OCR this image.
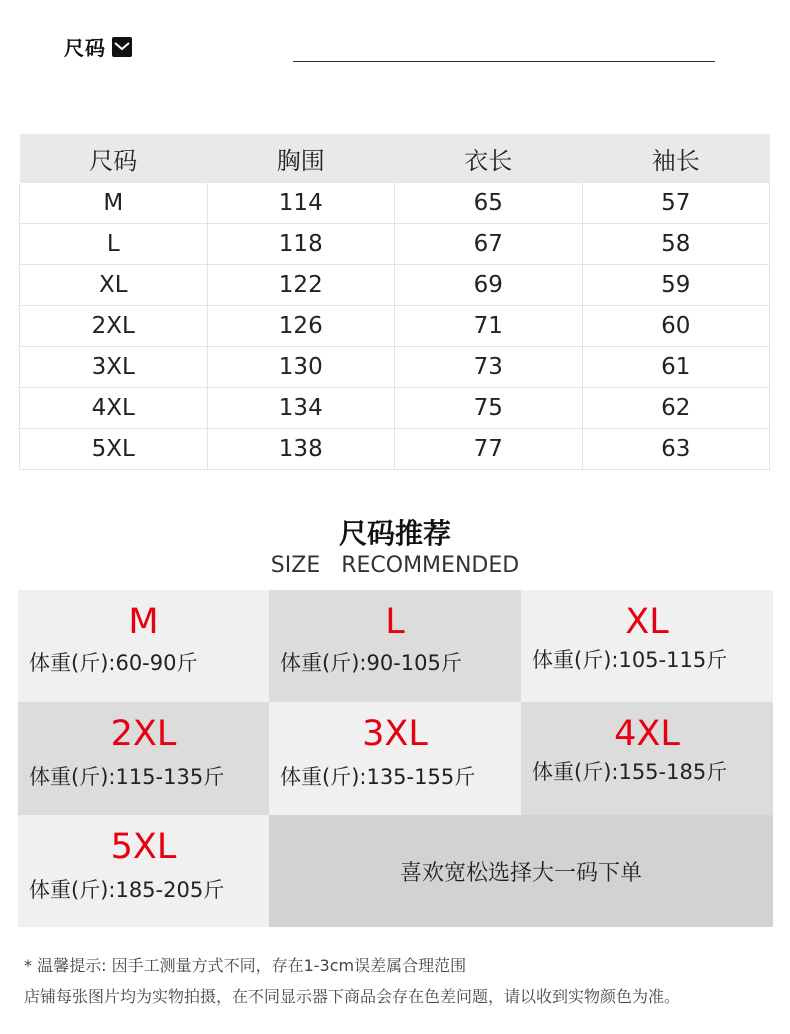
尺码
尺码	胸围	衣长	袖长
M	114	65	57
L	118	67	58
XL	122	69	59
2XL	126	71	60
3XL	130	73	61
4XL	134	75	62
5XL	138	77	63
尺码推荐
SIZE RECOMMENDED
M
体重(斤):60-90斤
L
体重(斤):90-105斤
XL
体重(斤):105-115斤
2XL
体重(斤):115-135斤
3XL
体重(斤):135-155斤
4XL
体重(斤):155-185斤
5XL
体重(斤):185-205斤
喜欢宽松选择大一码下单
* 温馨提示: 因手工测量方式不同，存在1-3cm误差属合理范围
店铺每张图片均为实物拍摄，在不同显示器下商品会存在色差问题，请以收到实物颜色为准。
